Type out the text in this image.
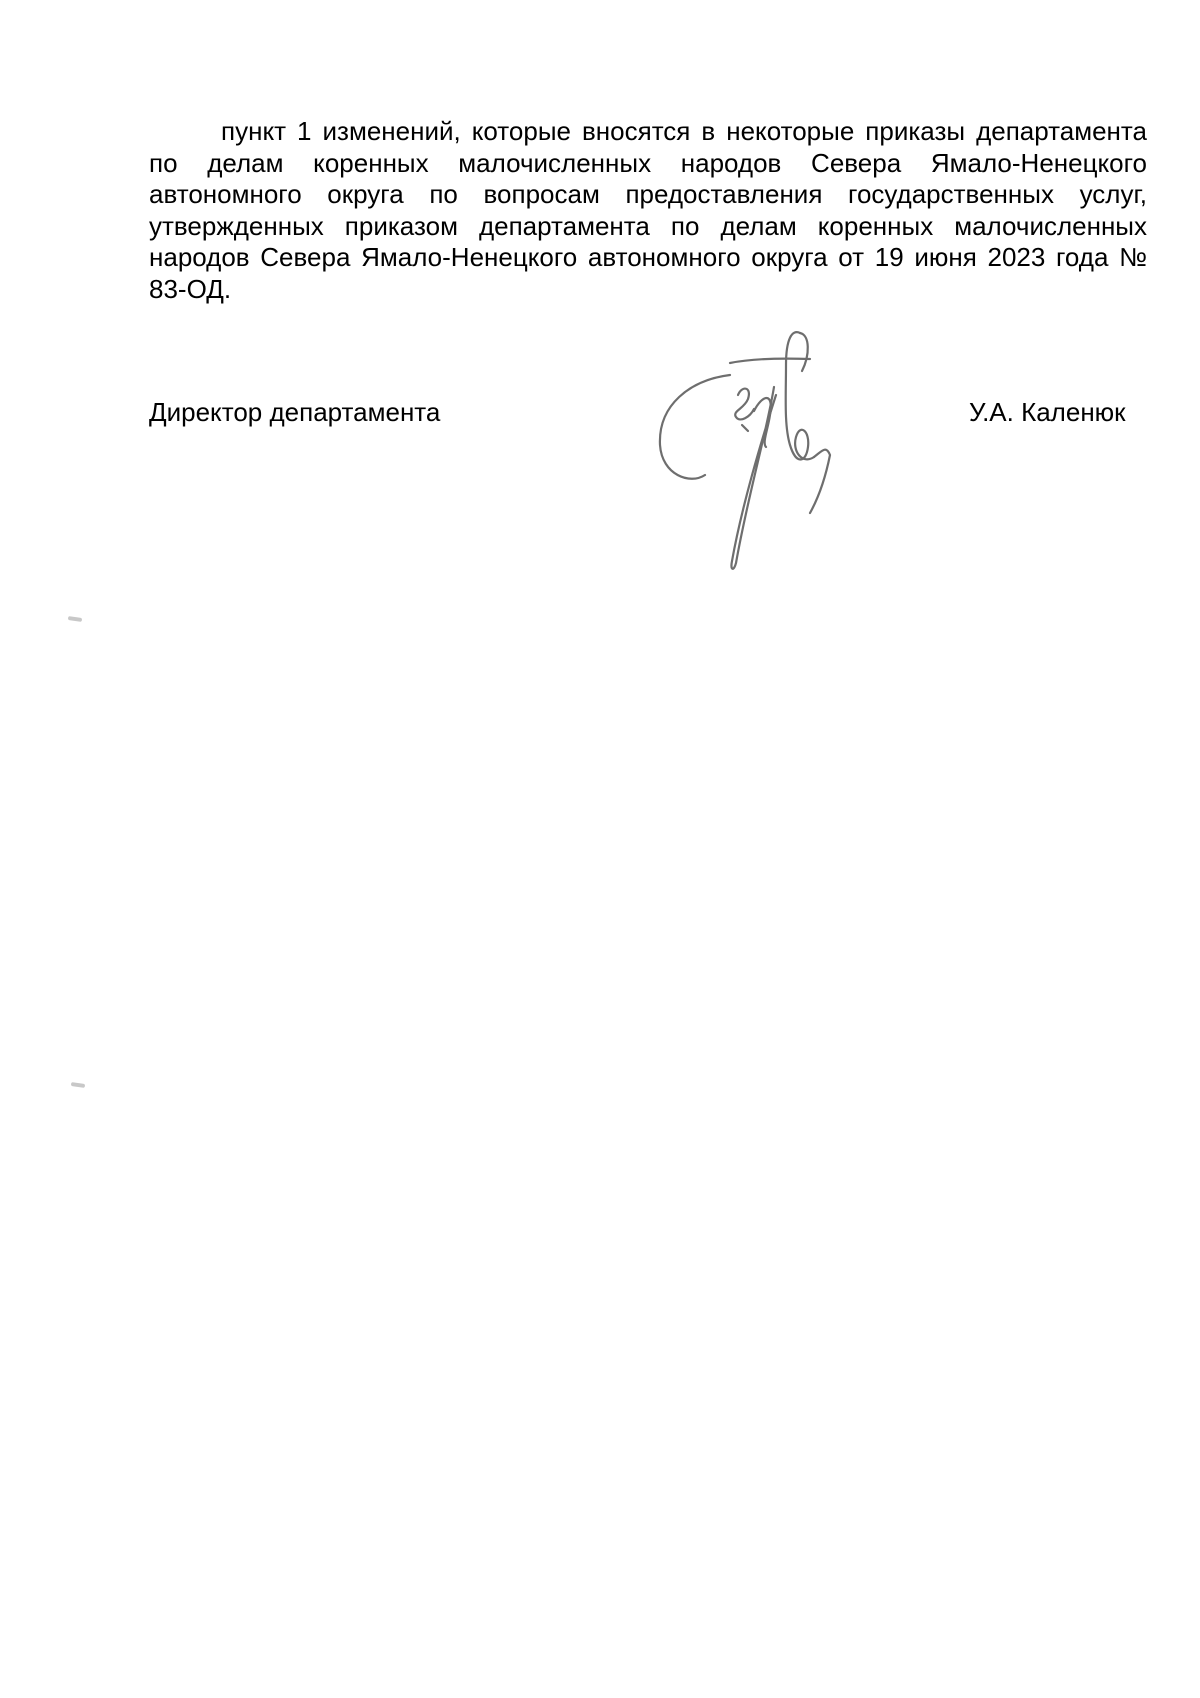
пункт 1 изменений, которые вносятся в некоторые приказы департамента по делам коренных малочисленных народов Севера Ямало-Ненецкого автономного округа по вопросам предоставления государственных услуг, утвержденных приказом департамента по делам коренных малочисленных народов Севера Ямало-Ненецкого автономного округа от 19 июня 2023 года № 83-ОД.

Директор департамента	У.А. Каленюк
